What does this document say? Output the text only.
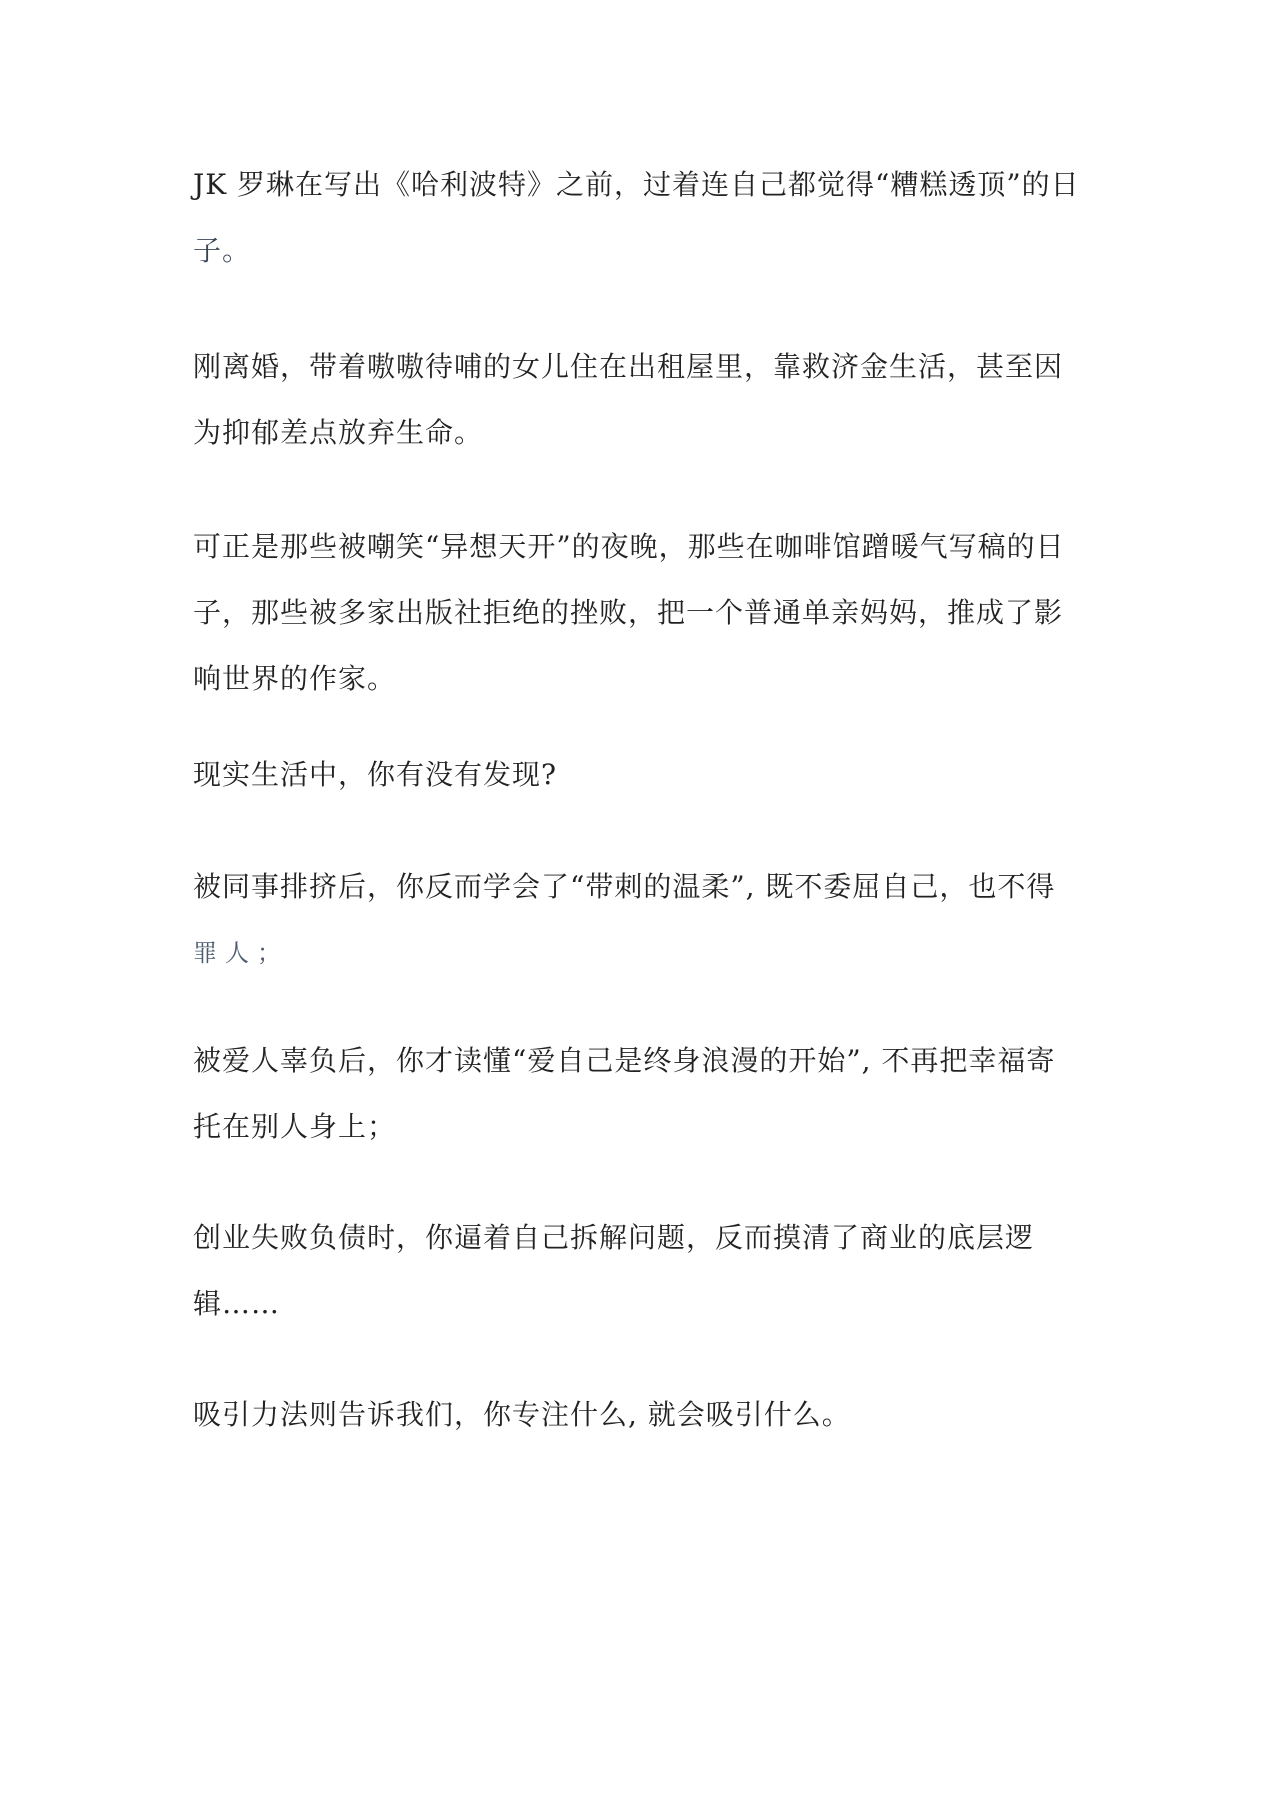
JK 罗琳在写出《哈利波特》之前，过着连自己都觉得“糟糕透顶”的日
子。
刚离婚，带着嗷嗷待哺的女儿住在出租屋里，靠救济金生活，甚至因
为抑郁差点放弃生命。
可正是那些被嘲笑“异想天开”的夜晚，那些在咖啡馆蹭暖气写稿的日
子，那些被多家出版社拒绝的挫败，把一个普通单亲妈妈，推成了影
响世界的作家。
现实生活中，你有没有发现?
被同事排挤后，你反而学会了“带刺的温柔”, 既不委屈自己，也不得
罪人；
被爱人辜负后，你才读懂“爱自己是终身浪漫的开始”, 不再把幸福寄
托在别人身上；
创业失败负债时，你逼着自己拆解问题，反而摸清了商业的底层逻
辑……
吸引力法则告诉我们，你专注什么, 就会吸引什么。
